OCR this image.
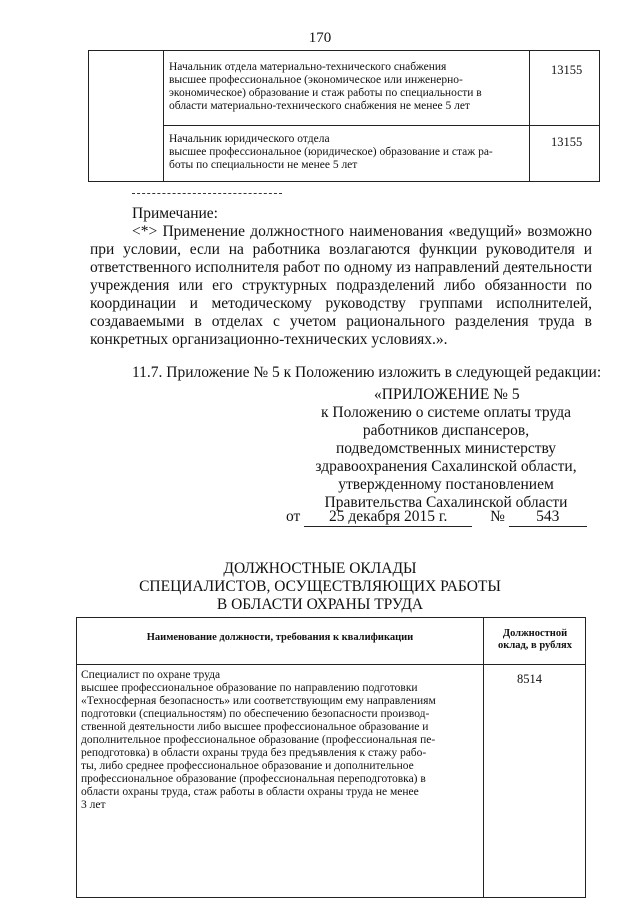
170
Начальник отдела материально-технического снабжения
высшее профессиональное (экономическое или инженерно-
экономическое) образование и стаж работы по специальности в
области материально-технического снабжения не менее 5 лет
13155
Начальник юридического отдела
высшее профессиональное (юридическое) образование и стаж ра-
боты по специальности не менее 5 лет
13155
Примечание:

<*> Применение должностного наименования «ведущий» возможно при условии, если на работника возлагаются функции руководителя и ответственного исполнителя работ по одному из направлений деятельности учреждения или его структурных подразделений либо обязанности по координации и методическому руководству группами исполнителей, создаваемыми в отделах с учетом рационального разделения труда в конкретных организационно-технических условиях.».

11.7. Приложение № 5 к Положению изложить в следующей редакции:
«ПРИЛОЖЕНИЕ № 5
к Положению о системе оплаты труда
работников диспансеров,
подведомственных министерству
здравоохранения Сахалинской области,
утвержденному постановлением
Правительства Сахалинской области
от 25 декабря 2015 г.	№ 543
ДОЛЖНОСТНЫЕ ОКЛАДЫ
СПЕЦИАЛИСТОВ, ОСУЩЕСТВЛЯЮЩИХ РАБОТЫ
В ОБЛАСТИ ОХРАНЫ ТРУДА
Наименование должности, требования к квалификации	Должностной
оклад, в рублях
Специалист по охране труда
высшее профессиональное образование по направлению подготовки
«Техносферная безопасность» или соответствующим ему направлениям
подготовки (специальностям) по обеспечению безопасности производ-
ственной деятельности либо высшее профессиональное образование и
дополнительное профессиональное образование (профессиональная пе-
реподготовка) в области охраны труда без предъявления к стажу рабо-
ты, либо среднее профессиональное образование и дополнительное
профессиональное образование (профессиональная переподготовка) в
области охраны труда, стаж работы в области охраны труда не менее
3 лет
8514
